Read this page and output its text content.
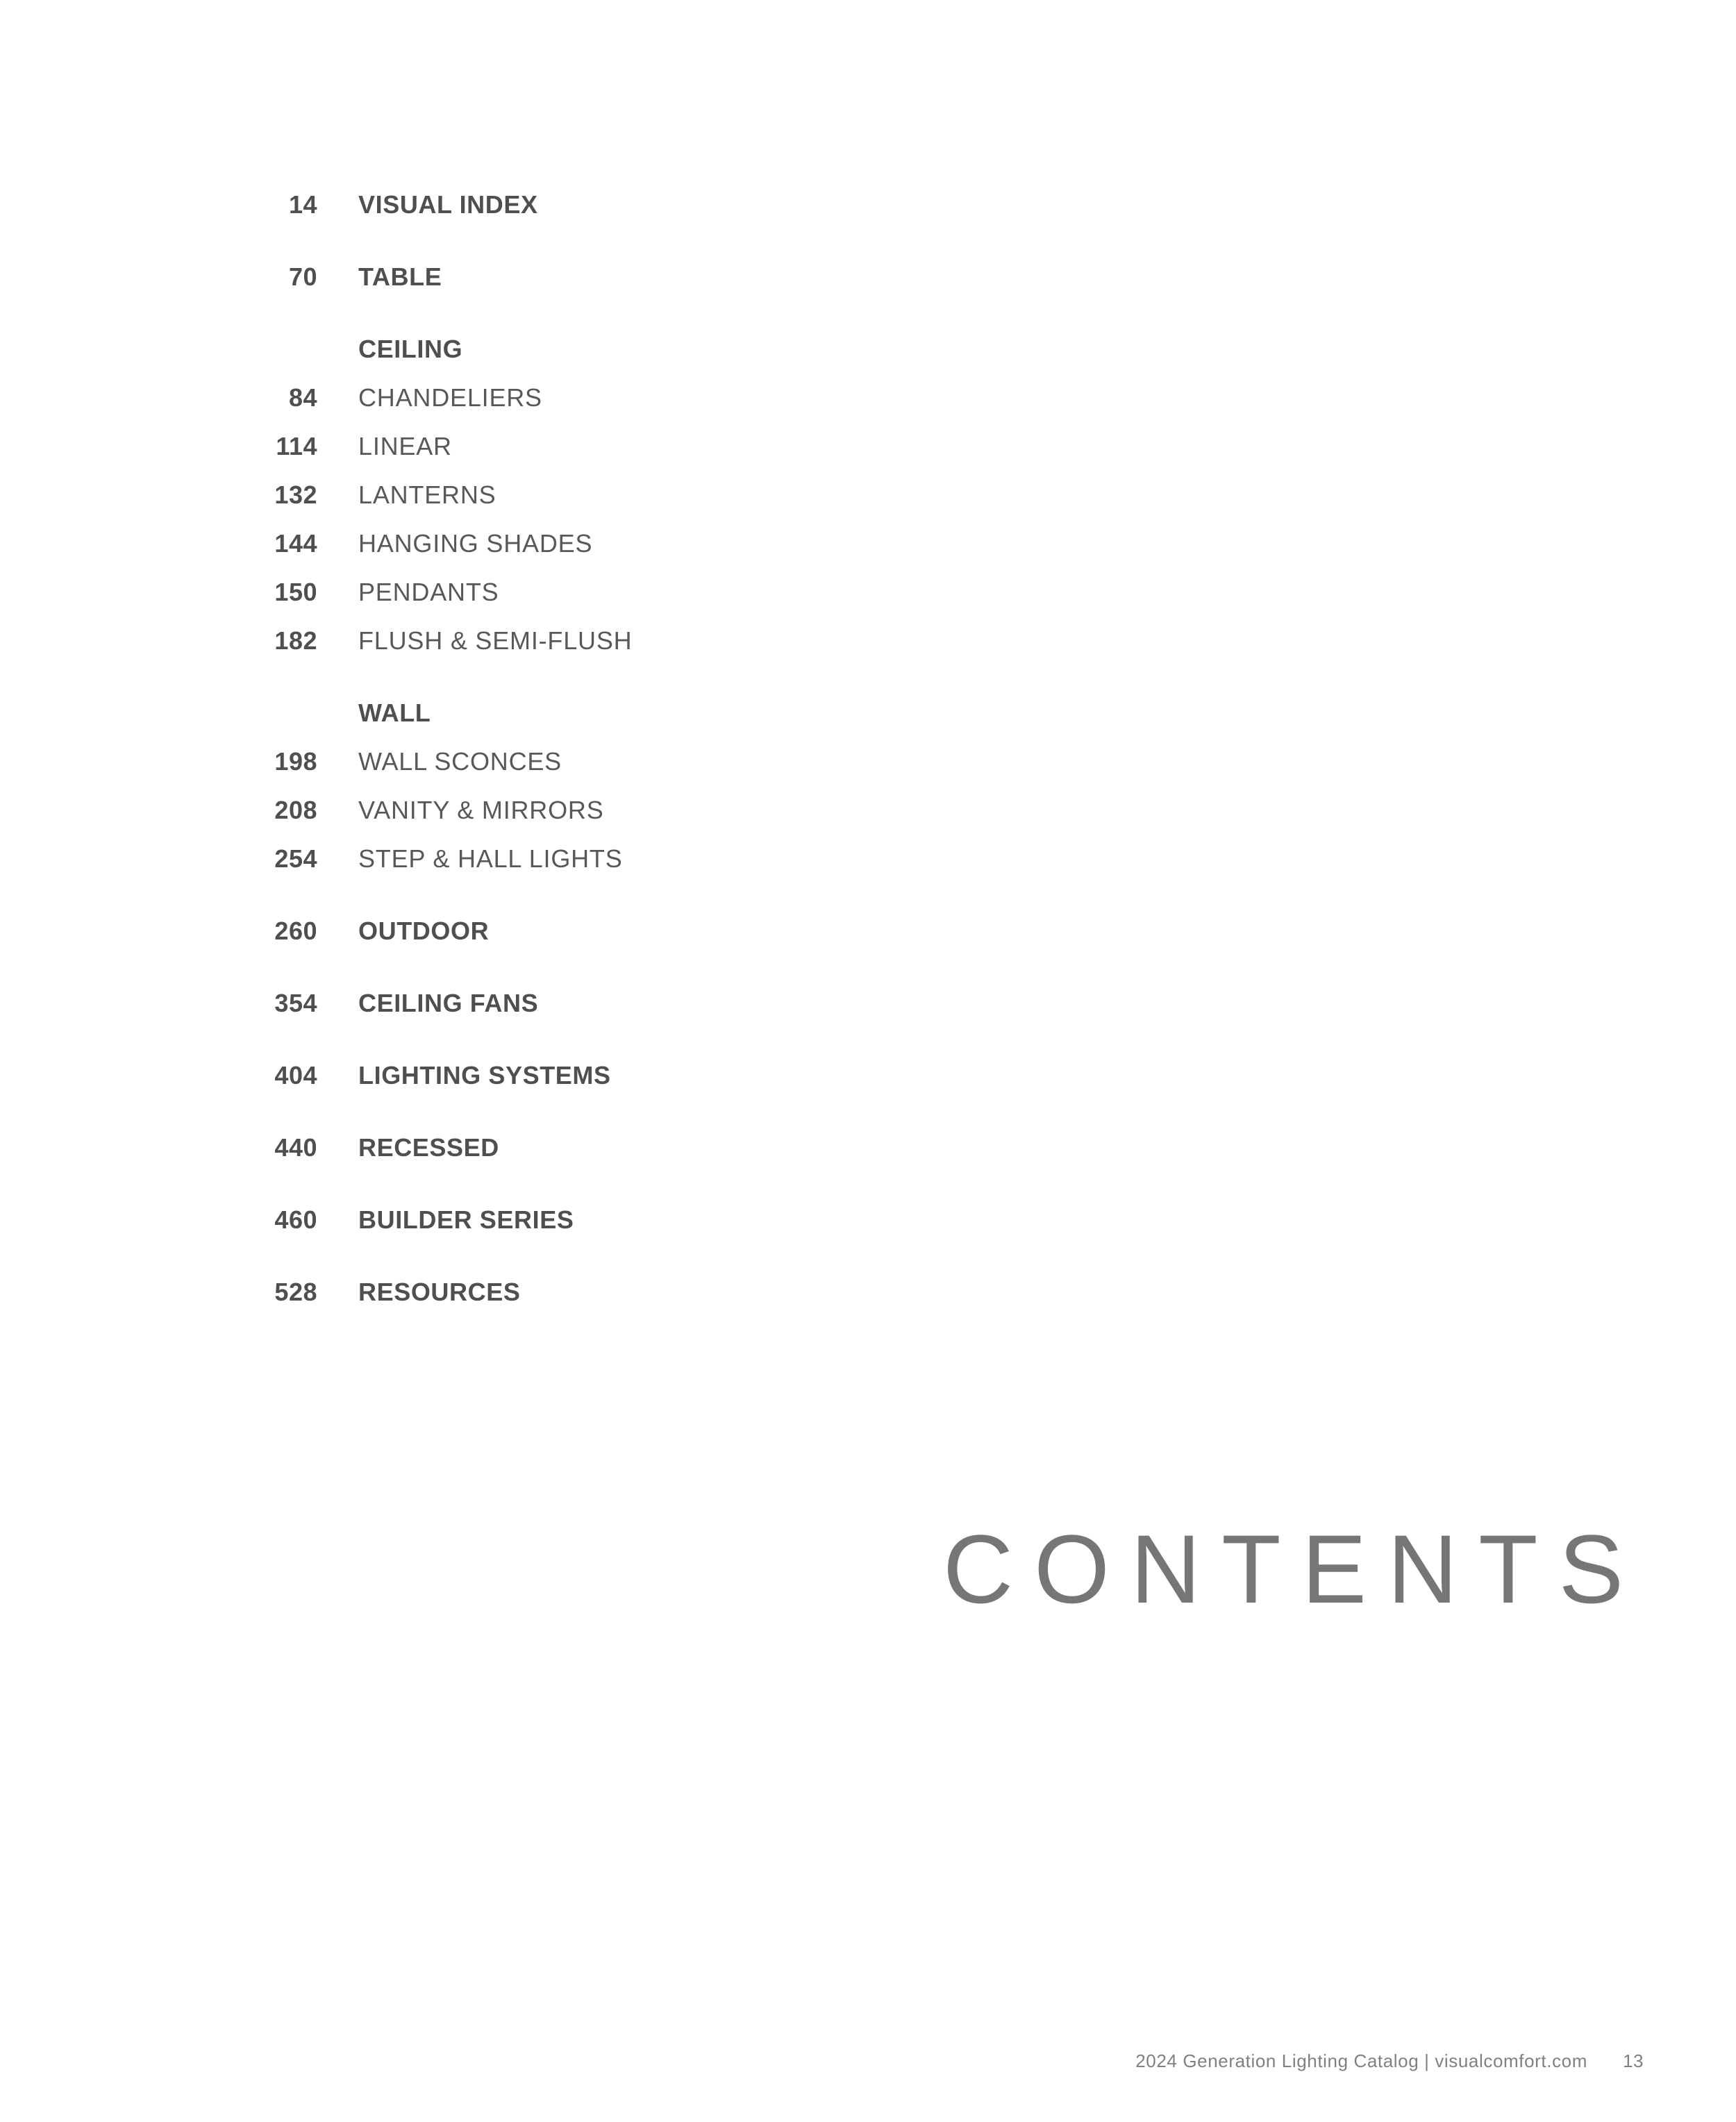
14 VISUAL INDEX
70 TABLE
CEILING
84 CHANDELIERS
114 LINEAR
132 LANTERNS
144 HANGING SHADES
150 PENDANTS
182 FLUSH & SEMI-FLUSH
WALL
198 WALL SCONCES
208 VANITY & MIRRORS
254 STEP & HALL LIGHTS
260 OUTDOOR
354 CEILING FANS
404 LIGHTING SYSTEMS
440 RECESSED
460 BUILDER SERIES
528 RESOURCES
CONTENTS
2024 Generation Lighting Catalog | visualcomfort.com 13
